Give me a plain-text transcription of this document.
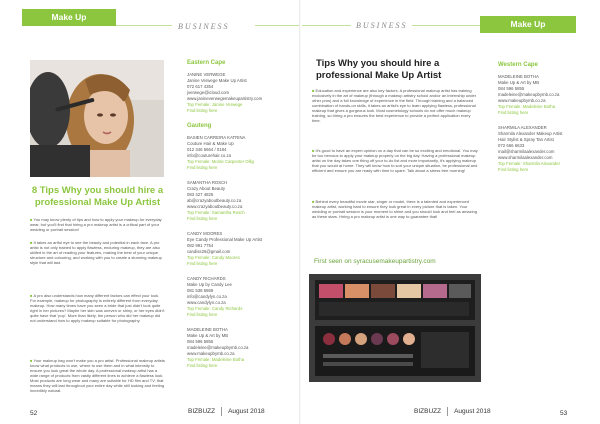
Make Up
BUSINESS
8 Tips Why you should hire a
professional Make Up Artist
■ You may know plenty of tips and how to apply your makeup for everyday wear, but you'll find that hiring a pro makeup artist is a critical part of your wedding or portrait session!
■ It takes an artful eye to see the beauty and potential in each face. A pro artist is not only trained to apply flawless, enduring makeup, they are also skilled in the art of reading your features, making the best of your unique structure and colouring, and working with you to create a stunning makeup style that will last.
■ A pro also understands how many different factors can effect your look. For example, makeup for photography is entirely different from everyday makeup. How many times have you seen a bride that just didn't look quite right in her pictures? Maybe her skin was uneven or shiny, or her eyes didn't quite have that 'pop'. More than likely, the person who did her makeup did not understand how to apply makeup suitable for photography.
■ Your makeup bag won't make you a pro artist. Professional makeup artists know what products to use, where to use them and in what intensity to ensure you look great the whole day. A professional makeup artist has a wide range of products from vastly different lines to achieve a flawless look. Most products are long wear and many are suitable for HD film and TV, that means they will last throughout your entire day while still looking and feeling incredibly natural.
Eastern Cape
JANINE VERWEGE
Janine Verwege Make Up Artist
072 617 4354
jverwege@icloud.com
www.janineverwegemakeupartistry.com
Top Female: Janine Verwege
Find listing here
Gauteng
BASIEN CARREIRA KATRINA
Couture Hair & Make Up
012 346 5664 / 0184
info@couturehair.co.za
Top Female: Monte Carpenter Ollig
Find listing here
SAMANTHA ROSCH
Crazy About Beauty
083 427 4825
ab@crazyaboutbeauty.co.za
www.crazyaboutbeauty.co.za
Top Female: Samantha Rosch
Find listing here
CANDY MOORES
Eye Candy Professional Make Up Artist
082 991 7754
candiss26@gmail.com
Top Female: Candy Moores
Find listing here
CANDY RICHARDS
Make Up by Candy Lee
081 538 5869
info@candylyn.co.za
www.candylyn.co.za
Top Female: Candy Richards
Find listing here
MADELEINE BOTHA
Make Up & Art by MB
084 596 5855
madeleine@makeupbymb.co.za
www.makeupbymb.co.za
Top Female: Madeleine Botha
Find listing here
52	BIZBUZZ August 2018
Make Up
BUSINESS
Tips Why you should hire a
professional Make Up Artist
■ Education and experience are also key factors. A professional makeup artist has training exclusively in the art of makeup (through a makeup artistry school and/or an internship under other pros) and a full knowledge of experience in the field. Through training and a balanced combination of hands-on skills, it takes an artist's eye to learn applying flawless, professional makeup that gives a gorgeous look. Most cosmetology schools do not offer much makeup training, so hiring a pro ensures the best experience to provide a perfect application every time.
■ It's good to have an expert opinion on a day that can be so exciting and emotional. You may be too nervous to apply your makeup properly on the big day. Having a professional makeup artist on the day takes one thing off your to-do list and more importantly, it's applying makeup that you would at home. They will know how to sort your unique situation, be professional and efficient and ensure you are ready with time to spare. Talk about a stress free morning!
■ Behind every beautiful movie star, singer or model, there is a talented and experienced makeup artist, working hard to ensure they look great in every picture that is taken. Your wedding or portrait session is your moment to shine and you should look and feel as amazing as these stars. Hiring a pro makeup artist is one way to guarantee that!
First seen on syracusemakeupartistry.com
Western Cape
MADELEINE BOTHA
Make Up & Art by MB
084 596 5855
madeleine@makeupbymb.co.za
www.makeupbymb.co.za
Top Female: Madeleine Botha
Find listing here
SHARMILA ALEXANDER
Sharmila Alexander Makeup Artist
Hair Stylist & Spray Tan Artist
072 666 6633
mail@sharmilaalexander.com
www.sharmilaalexander.com
Top Female: Sharmila Alexander
Find listing here
BIZBUZZ August 2018	53
